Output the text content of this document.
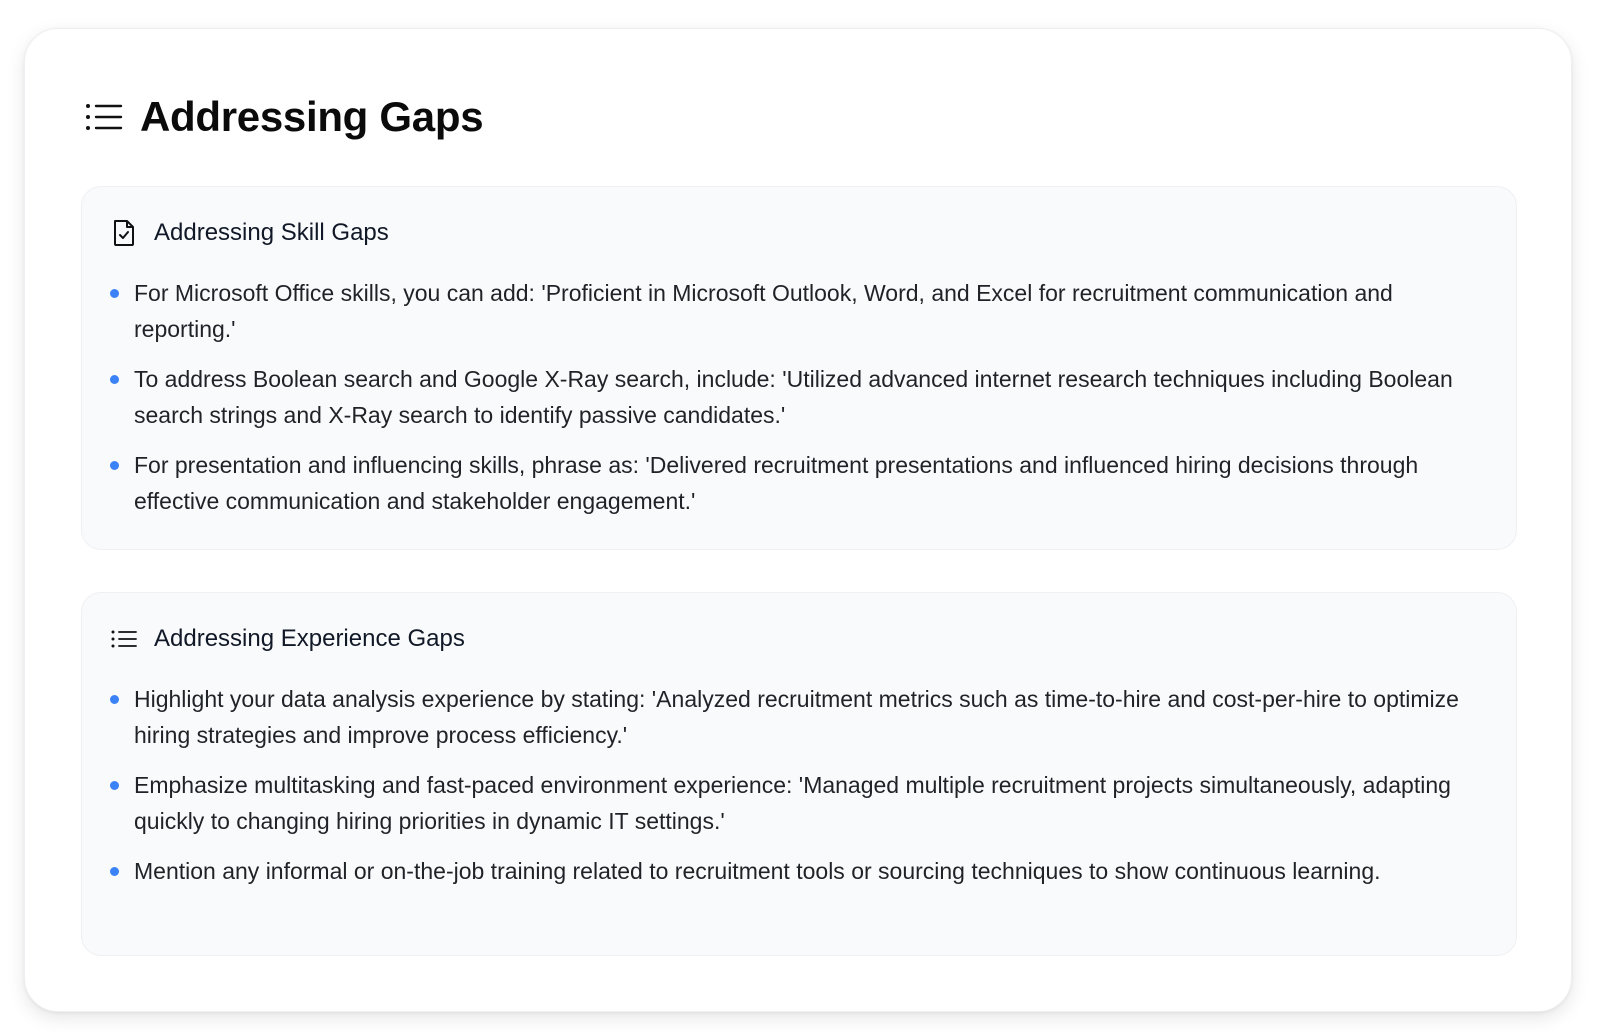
Addressing Gaps
Addressing Skill Gaps
For Microsoft Office skills, you can add: 'Proficient in Microsoft Outlook, Word, and Excel for recruitment communication and reporting.'
To address Boolean search and Google X-Ray search, include: 'Utilized advanced internet research techniques including Boolean search strings and X-Ray search to identify passive candidates.'
For presentation and influencing skills, phrase as: 'Delivered recruitment presentations and influenced hiring decisions through effective communication and stakeholder engagement.'
Addressing Experience Gaps
Highlight your data analysis experience by stating: 'Analyzed recruitment metrics such as time-to-hire and cost-per-hire to optimize hiring strategies and improve process efficiency.'
Emphasize multitasking and fast-paced environment experience: 'Managed multiple recruitment projects simultaneously, adapting quickly to changing hiring priorities in dynamic IT settings.'
Mention any informal or on-the-job training related to recruitment tools or sourcing techniques to show continuous learning.
